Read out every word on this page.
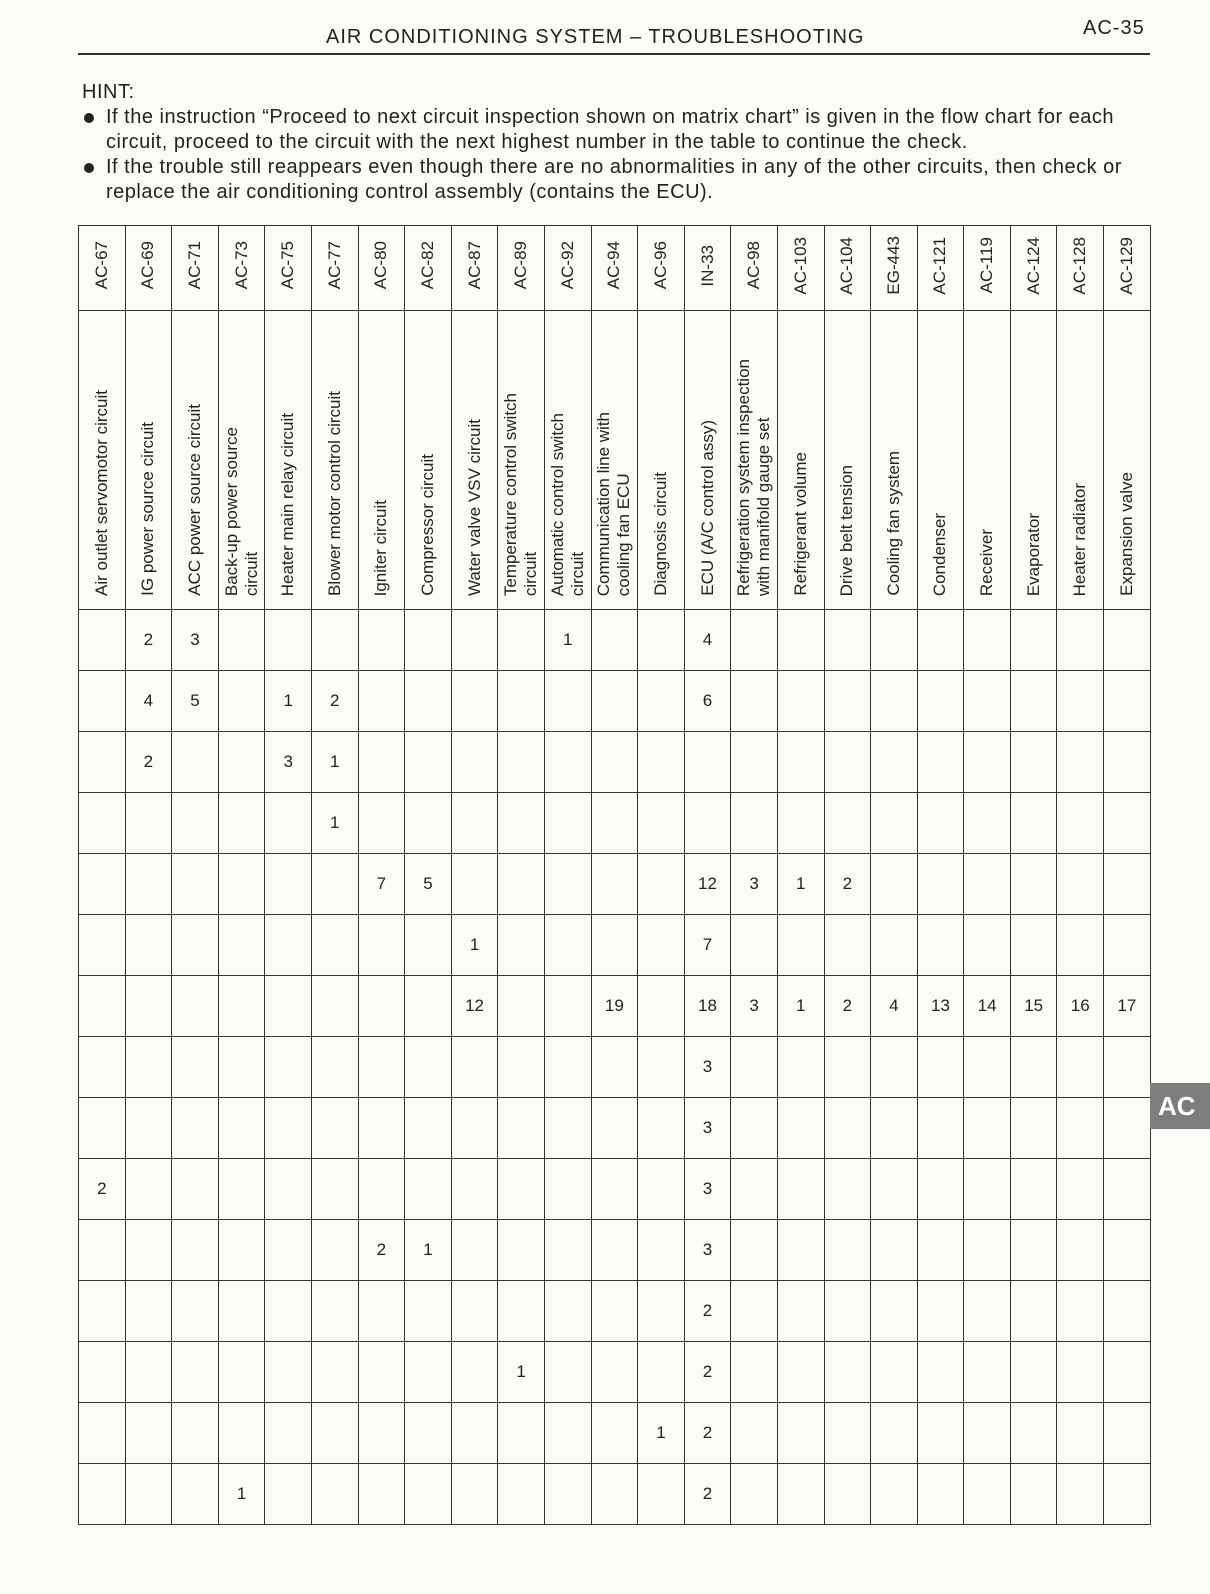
AIR CONDITIONING SYSTEM – TROUBLESHOOTING	AC-35
HINT:
If the instruction “Proceed to next circuit inspection shown on matrix chart” is given in the flow chart for each circuit, proceed to the circuit with the next highest number in the table to continue the check.
If the trouble still reappears even though there are no abnormalities in any of the other circuits, then check or replace the air conditioning control assembly (contains the ECU).
AC-67	AC-69	AC-71	AC-73	AC-75	AC-77	AC-80	AC-82	AC-87	AC-89	AC-92	AC-94	AC-96	IN-33	AC-98	AC-103	AC-104	EG-443	AC-121	AC-119	AC-124	AC-128	AC-129
Air outlet servomotor circuit	IG power source circuit	ACC power source circuit	Back-up power source
circuit	Heater main relay circuit	Blower motor control circuit	Igniter circuit	Compressor circuit	Water valve VSV circuit	Temperature control switch
circuit	Automatic control switch
circuit	Communication line with
cooling fan ECU	Diagnosis circuit	ECU (A/C control assy)	Refrigeration system inspection
with manifold gauge set	Refrigerant volume	Drive belt tension	Cooling fan system	Condenser	Receiver	Evaporator	Heater radiator	Expansion valve
	2	3								1			4									
	4	5		1	2								6									
	2			3	1																	
					1																	
						7	5						12	3	1	2						
								1					7									
								12			19		18	3	1	2	4	13	14	15	16	17
													3									
													3									
2													3									
						2	1						3									
													2									
									1				2									
												1	2									
			1										2									
AC
